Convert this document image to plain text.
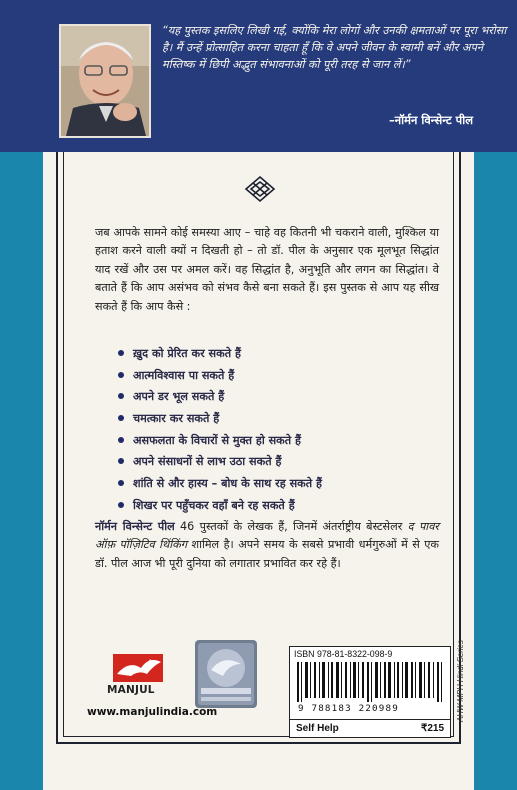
“यह पुस्तक इसलिए लिखी गई, क्योंकि मेरा लोगों और उनकी क्षमताओं पर पूरा भरोसा है। मैं उन्हें प्रोत्साहित करना चाहता हूँ कि वे अपने जीवन के स्वामी बनें और अपने मस्तिष्क में छिपी अद्भुत संभावनाओं को पूरी तरह से जान लें।”
–नॉर्मन विन्सेन्ट पील
जब आपके सामने कोई समस्या आए – चाहे वह कितनी भी चकराने वाली, मुश्किल या हताश करने वाली क्यों न दिखती हो – तो डॉ. पील के अनुसार एक मूलभूत सिद्धांत याद रखें और उस पर अमल करें। वह सिद्धांत है, अनुभूति और लगन का सिद्धांत। वे बताते हैं कि आप असंभव को संभव कैसे बना सकते हैं। इस पुस्तक से आप यह सीख सकते हैं कि आप कैसे :
ख़ुद को प्रेरित कर सकते हैं
आत्मविश्वास पा सकते हैं
अपने डर भूल सकते हैं
चमत्कार कर सकते हैं
असफलता के विचारों से मुक्त हो सकते हैं
अपने संसाधनों से लाभ उठा सकते हैं
शांति से और हास्य – बोध के साथ रह सकते हैं
शिखर पर पहुँचकर वहाँ बने रह सकते हैं
नॉर्मन विन्सेन्ट पील 46 पुस्तकों के लेखक हैं, जिनमें अंतर्राष्ट्रीय बेस्टसेलर द पावर ऑफ़ पॉज़िटिव थिंकिंग शामिल है। अपने समय के सबसे प्रभावी धर्मगुरुओं में से एक डॉ. पील आज भी पूरी दुनिया को लगातार प्रभावित कर रहे हैं।
MANJUL
www.manjulindia.com
ISBN 978-81-8322-098-9
9 788183 220989
Self Help	₹215
AHW MPH Hindi Series
